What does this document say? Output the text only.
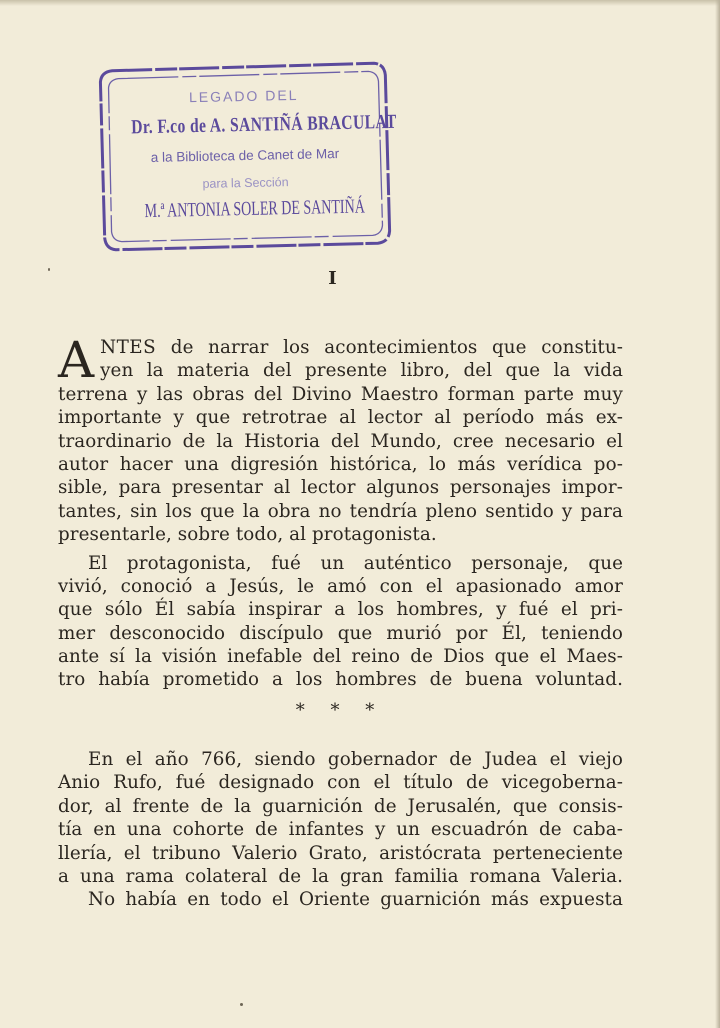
LEGADO DEL
Dr. F.co de A. SANTIÑÁ BRACULAT
a la Biblioteca de Canet de Mar
para la Sección
M.ª ANTONIA SOLER DE SANTIÑÁ
I
A NTES de narrar los acontecimientos que constitu-
yen la materia del presente libro, del que la vida
terrena y las obras del Divino Maestro forman parte muy
importante y que retrotrae al lector al período más ex-
traordinario de la Historia del Mundo, cree necesario el
autor hacer una digresión histórica, lo más verídica po-
sible, para presentar al lector algunos personajes impor-
tantes, sin los que la obra no tendría pleno sentido y para
presentarle, sobre todo, al protagonista.
El protagonista, fué un auténtico personaje, que
vivió, conoció a Jesús, le amó con el apasionado amor
que sólo Él sabía inspirar a los hombres, y fué el pri-
mer desconocido discípulo que murió por Él, teniendo
ante sí la visión inefable del reino de Dios que el Maes-
tro había prometido a los hombres de buena voluntad.
* * *
En el año 766, siendo gobernador de Judea el viejo
Anio Rufo, fué designado con el título de vicegoberna-
dor, al frente de la guarnición de Jerusalén, que consis-
tía en una cohorte de infantes y un escuadrón de caba-
llería, el tribuno Valerio Grato, aristócrata perteneciente
a una rama colateral de la gran familia romana Valeria.
No había en todo el Oriente guarnición más expuesta
